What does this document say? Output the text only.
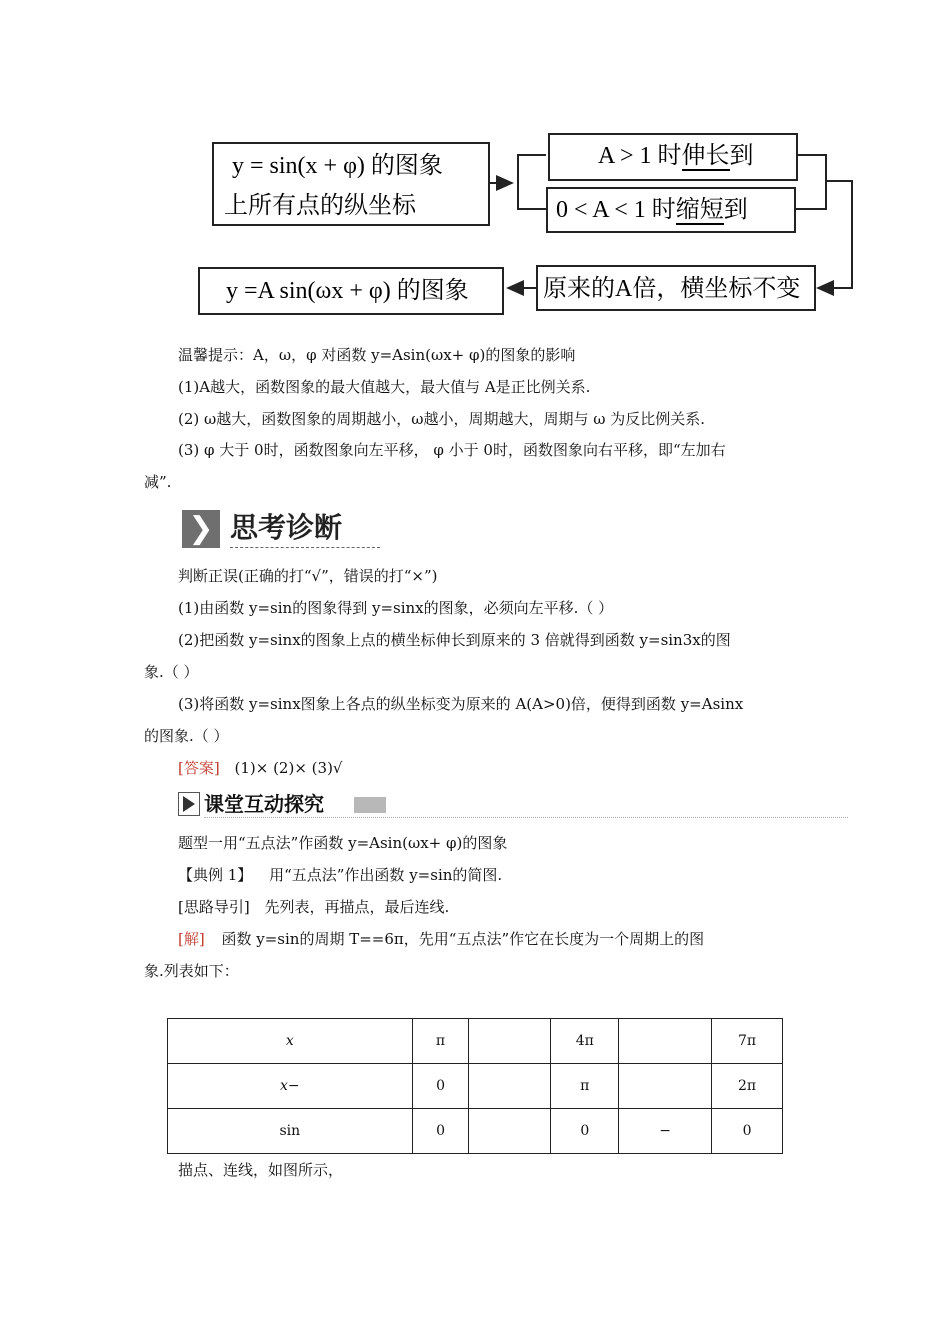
y = sin(x + φ) 的图象
上所有点的纵坐标
A > 1 时伸长到
0 < A < 1 时缩短到
原来的A倍，横坐标不变
y =A sin(ωx + φ) 的图象
温馨提示：A，ω，φ 对函数 y=Asin(ωx+ φ)的图象的影响
(1)A越大，函数图象的最大值越大，最大值与 A是正比例关系.
(2) ω越大，函数图象的周期越小，ω越小，周期越大，周期与 ω 为反比例关系.
(3) φ 大于 0时，函数图象向左平移， φ 小于 0时，函数图象向右平移，即“左加右
减”.
❯ 思考诊断
判断正误(正确的打“√”，错误的打“×”)
(1)由函数 y=sin的图象得到 y=sinx的图象，必须向左平移.（ ）
(2)把函数 y=sinx的图象上点的横坐标伸长到原来的 3 倍就得到函数 y=sin3x的图
象.（ ）
(3)将函数 y=sinx图象上各点的纵坐标变为原来的 A(A>0)倍，便得到函数 y=Asinx
的图象.（ ）
[答案] (1)× (2)× (3)√
课堂互动探究
题型一用“五点法”作函数 y=Asin(ωx+ φ)的图象
【典例 1】 用“五点法”作出函数 y=sin的简图.
[思路导引] 先列表，再描点，最后连线.
[解] 函数 y=sin的周期 T==6π，先用“五点法”作它在长度为一个周期上的图
象.列表如下：
x	π		4π		7π
x−	0		π		2π
sin	0		0	−	0
描点、连线，如图所示，
